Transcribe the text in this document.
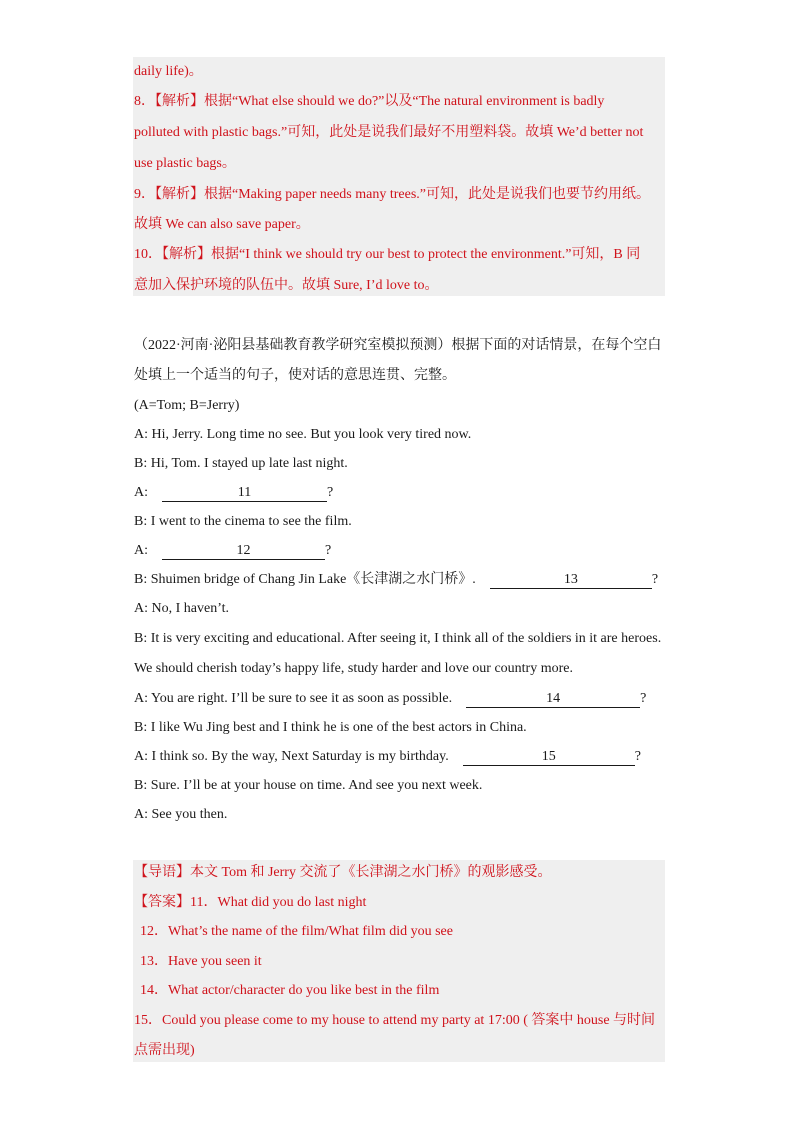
daily life)。
8．【解析】根据“What else should we do?”以及“The natural environment is badly
polluted with plastic bags.”可知，此处是说我们最好不用塑料袋。故填 We’d better not
use plastic bags。
9．【解析】根据“Making paper needs many trees.”可知，此处是说我们也要节约用纸。
故填 We can also save paper。
10．【解析】根据“I think we should try our best to protect the environment.”可知，B 同
意加入保护环境的队伍中。故填 Sure, I’d love to。
（2022·河南·泌阳县基础教育教学研究室模拟预测）根据下面的对话情景，在每个空白
处填上一个适当的句子，使对话的意思连贯、完整。
(A=Tom; B=Jerry)
A: Hi, Jerry. Long time no see. But you look very tired now.
B: Hi, Tom. I stayed up late last night.
A:	11	?
B: I went to the cinema to see the film.
A:	12	?
B: Shuimen bridge of Chang Jin Lake《长津湖之水门桥》.	13	?
A: No, I haven’t.
B: It is very exciting and educational. After seeing it, I think all of the soldiers in it are heroes.
We should cherish today’s happy life, study harder and love our country more.
A: You are right. I’ll be sure to see it as soon as possible.	14	?
B: I like Wu Jing best and I think he is one of the best actors in China.
A: I think so. By the way, Next Saturday is my birthday.	15	?
B: Sure. I’ll be at your house on time. And see you next week.
A: See you then.
【导语】本文 Tom 和 Jerry 交流了《长津湖之水门桥》的观影感受。
【答案】11．What did you do last night
12．What’s the name of the film/What film did you see
13．Have you seen it
14．What actor/character do you like best in the film
15．Could you please come to my house to attend my party at 17:00 ( 答案中 house 与时间
点需出现)
